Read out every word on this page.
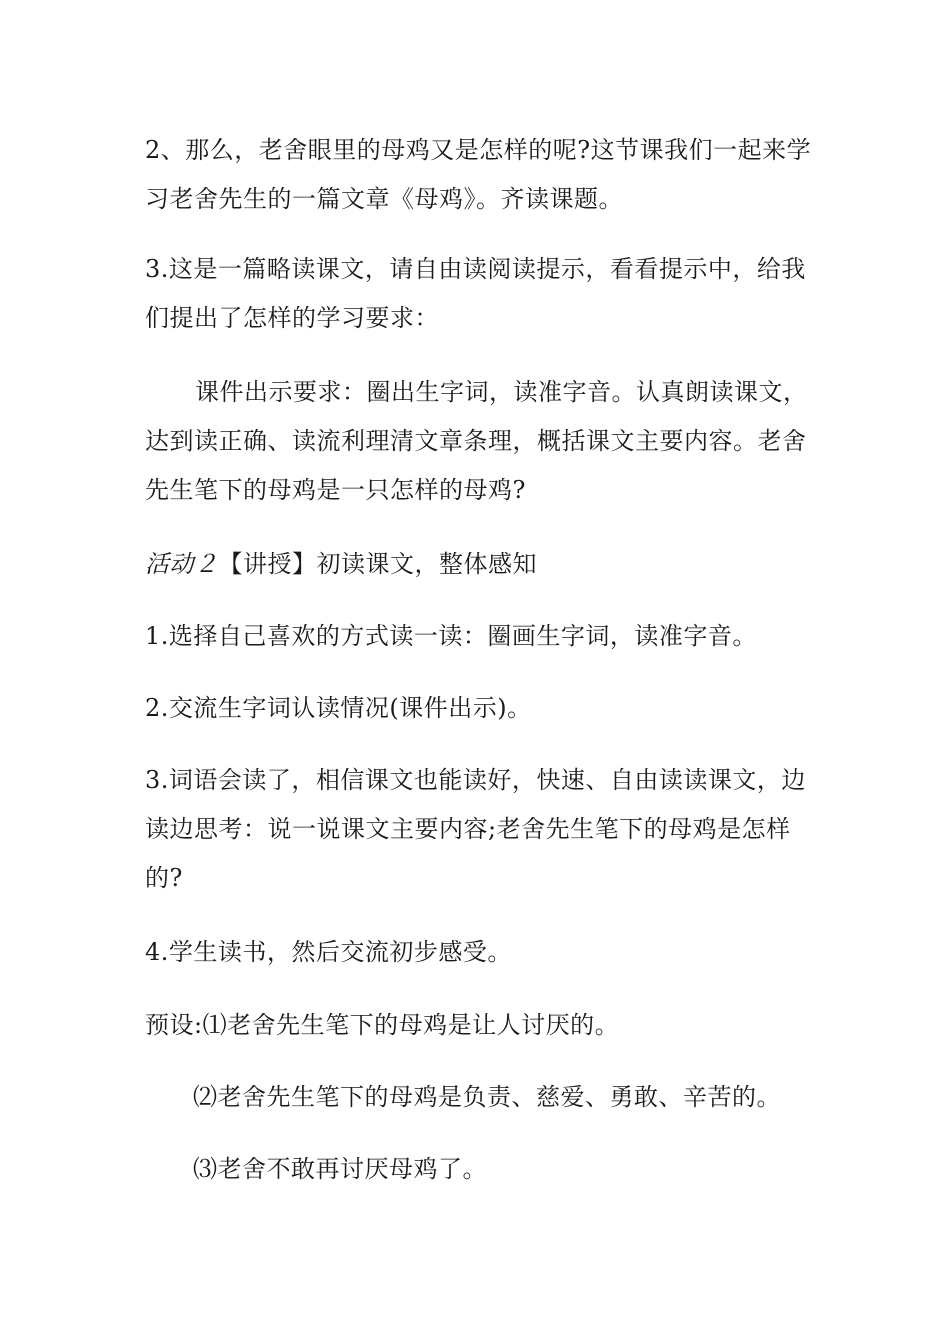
2、那么，老舍眼里的母鸡又是怎样的呢?这节课我们一起来学习老舍先生的一篇文章《母鸡》。齐读课题。

3.这是一篇略读课文，请自由读阅读提示，看看提示中，给我们提出了怎样的学习要求：

课件出示要求：圈出生字词，读准字音。认真朗读课文，达到读正确、读流利理清文章条理，概括课文主要内容。老舍先生笔下的母鸡是一只怎样的母鸡?

活动２【讲授】初读课文，整体感知

1.选择自己喜欢的方式读一读：圈画生字词，读准字音。

2.交流生字词认读情况(课件出示)。

3.词语会读了，相信课文也能读好，快速、自由读读课文，边读边思考：说一说课文主要内容;老舍先生笔下的母鸡是怎样的?

4.学生读书，然后交流初步感受。

预设:⑴老舍先生笔下的母鸡是让人讨厌的。

⑵老舍先生笔下的母鸡是负责、慈爱、勇敢、辛苦的。

⑶老舍不敢再讨厌母鸡了。
